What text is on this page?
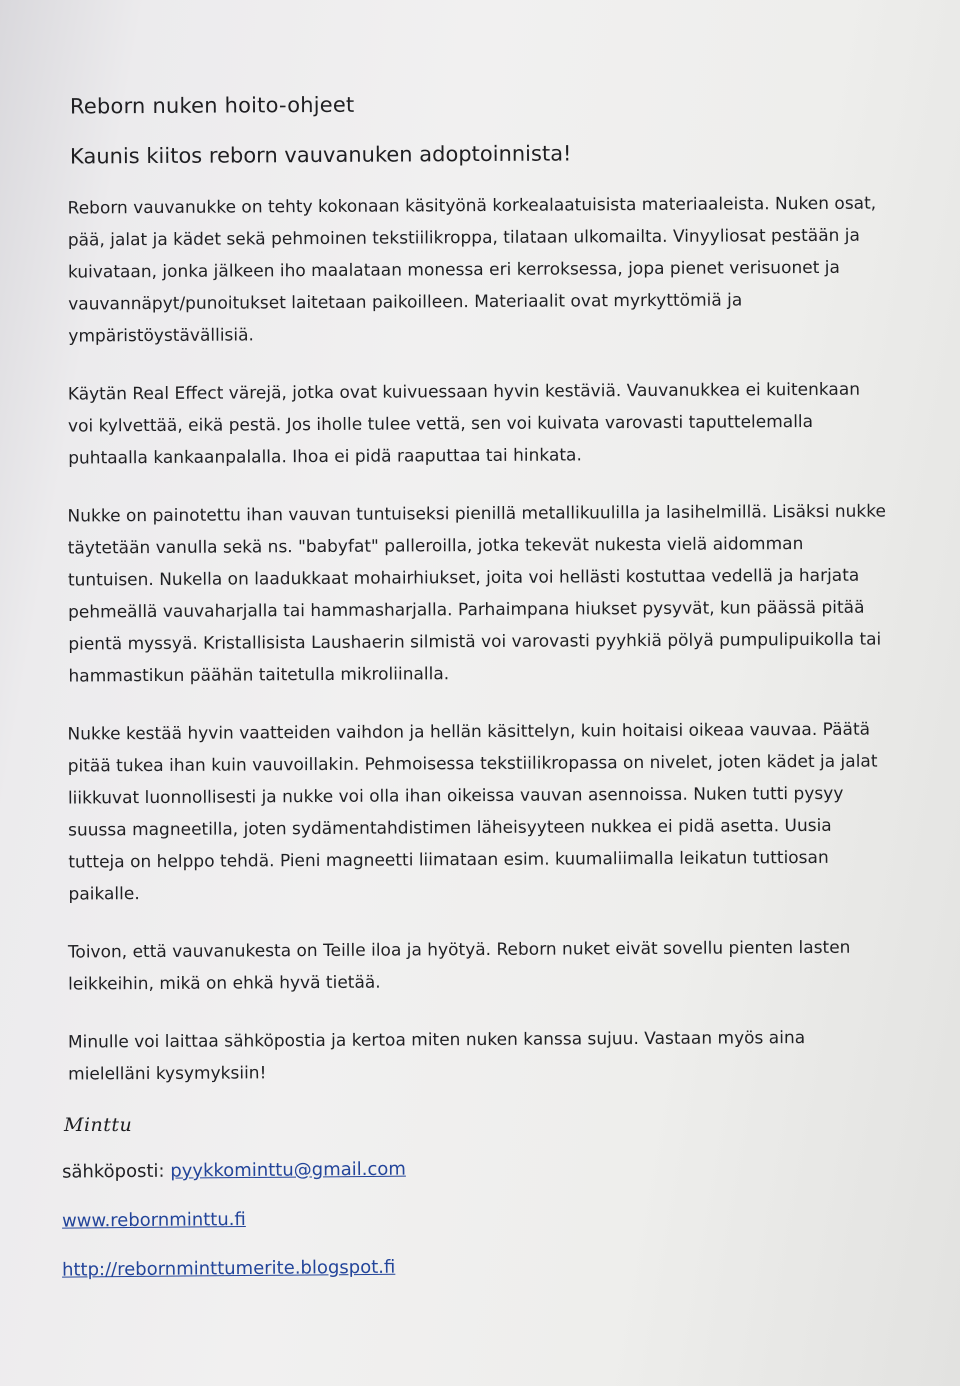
Reborn nuken hoito-ohjeet
Kaunis kiitos reborn vauvanuken adoptoinnista!

Reborn vauvanukke on tehty kokonaan käsityönä korkealaatuisista materiaaleista. Nuken osat, pää, jalat ja kädet sekä pehmoinen tekstiilikroppa, tilataan ulkomailta. Vinyyliosat pestään ja kuivataan, jonka jälkeen iho maalataan monessa eri kerroksessa, jopa pienet verisuonet ja vauvannäpyt/punoitukset laitetaan paikoilleen. Materiaalit ovat myrkyttömiä ja ympäristöystävällisiä.

Käytän Real Effect värejä, jotka ovat kuivuessaan hyvin kestäviä. Vauvanukkea ei kuitenkaan voi kylvettää, eikä pestä. Jos iholle tulee vettä, sen voi kuivata varovasti taputtelemalla puhtaalla kankaanpalalla. Ihoa ei pidä raaputtaa tai hinkata.

Nukke on painotettu ihan vauvan tuntuiseksi pienillä metallikuulilla ja lasihelmillä. Lisäksi nukke täytetään vanulla sekä ns. "babyfat" palleroilla, jotka tekevät nukesta vielä aidomman tuntuisen. Nukella on laadukkaat mohairhiukset, joita voi hellästi kostuttaa vedellä ja harjata pehmeällä vauvaharjalla tai hammasharjalla. Parhaimpana hiukset pysyvät, kun päässä pitää pientä myssyä. Kristallisista Laushaerin silmistä voi varovasti pyyhkiä pölyä pumpulipuikolla tai hammastikun päähän taitetulla mikroliinalla.

Nukke kestää hyvin vaatteiden vaihdon ja hellän käsittelyn, kuin hoitaisi oikeaa vauvaa. Päätä pitää tukea ihan kuin vauvoillakin. Pehmoisessa tekstiilikropassa on nivelet, joten kädet ja jalat liikkuvat luonnollisesti ja nukke voi olla ihan oikeissa vauvan asennoissa. Nuken tutti pysyy suussa magneetilla, joten sydämentahdistimen läheisyyteen nukkea ei pidä asetta. Uusia tutteja on helppo tehdä. Pieni magneetti liimataan esim. kuumaliimalla leikatun tuttiosan paikalle.

Toivon, että vauvanukesta on Teille iloa ja hyötyä. Reborn nuket eivät sovellu pienten lasten leikkeihin, mikä on ehkä hyvä tietää.

Minulle voi laittaa sähköpostia ja kertoa miten nuken kanssa sujuu. Vastaan myös aina mielelläni kysymyksiin!

Minttu
sähköposti: pyykkominttu@gmail.com
www.rebornminttu.fi
http://rebornminttumerite.blogspot.fi
